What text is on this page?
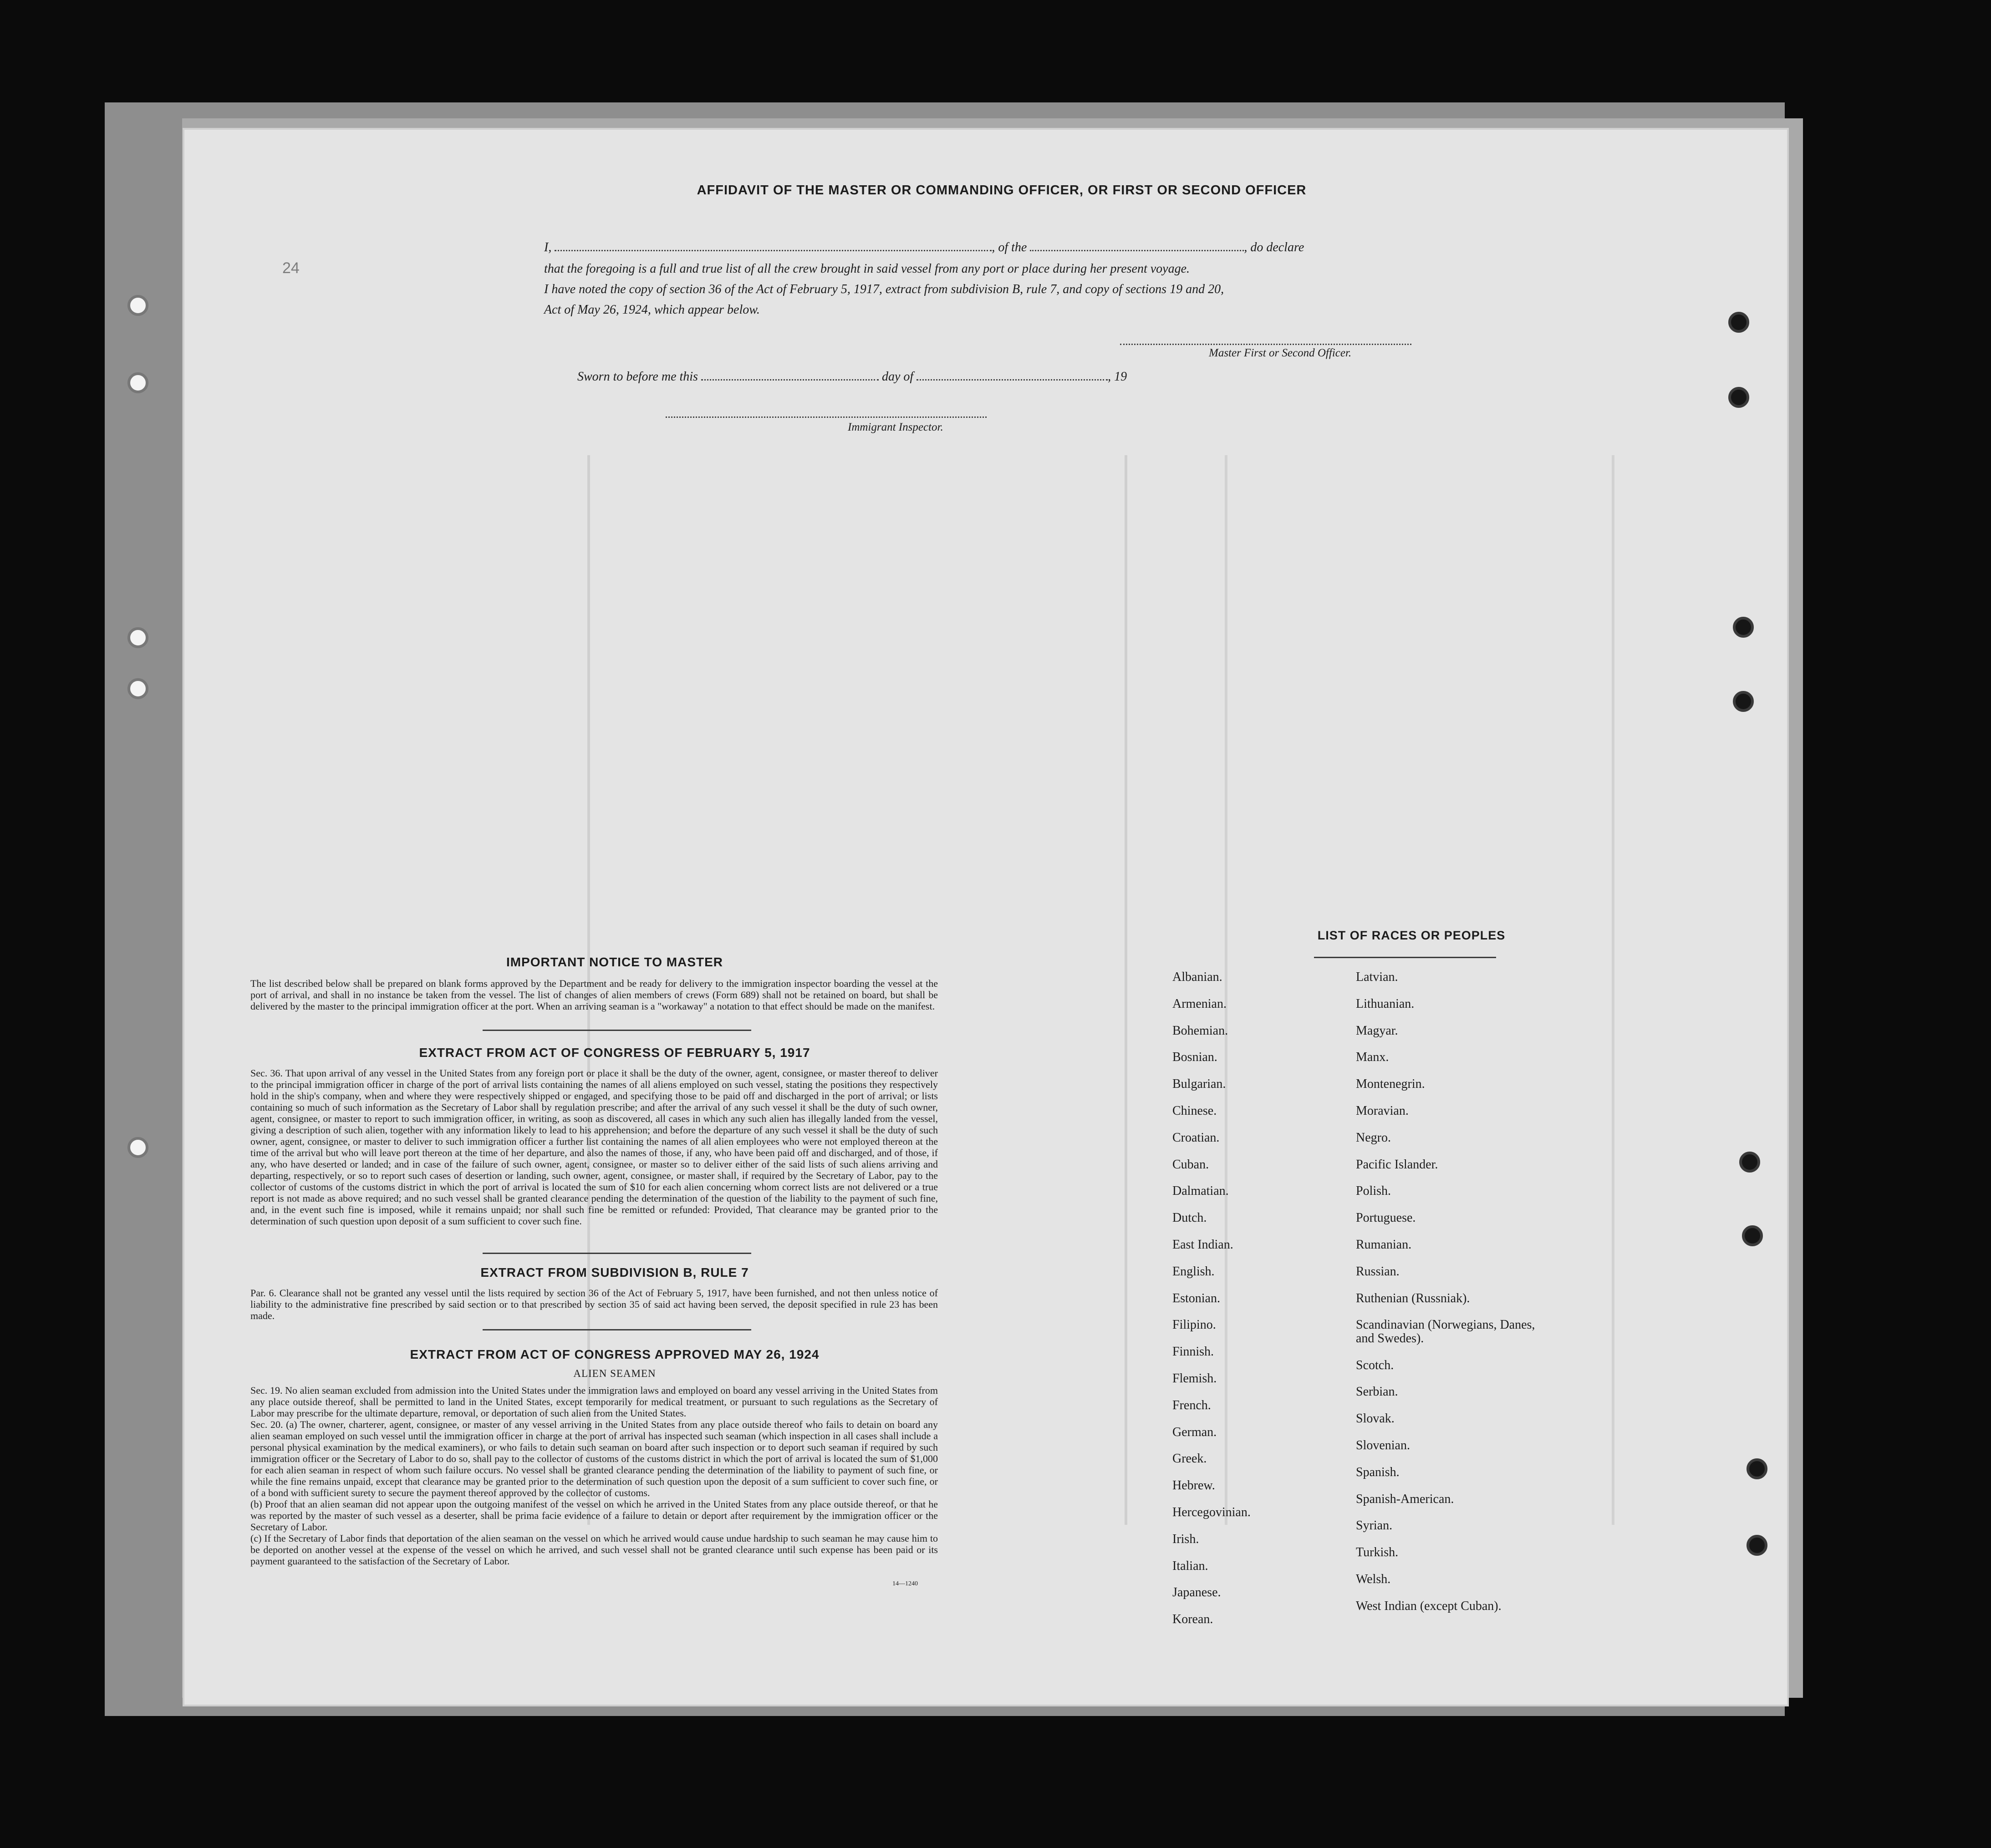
AFFIDAVIT OF THE MASTER OR COMMANDING OFFICER, OR FIRST OR SECOND OFFICER
I,	, of the	, do declare
that the foregoing is a full and true list of all the crew brought in said vessel from any port or place during her present voyage.
I have noted the copy of section 36 of the Act of February 5, 1917, extract from subdivision B, rule 7, and copy of sections 19 and 20,
Act of May 26, 1924, which appear below.
Master First or Second Officer.
Sworn to before me this	day of	, 19
Immigrant Inspector.
24
IMPORTANT NOTICE TO MASTER
The list described below shall be prepared on blank forms approved by the Department and be ready for delivery to the immigration inspector boarding the vessel at the port of arrival, and shall in no instance be taken from the vessel. The list of changes of alien members of crews (Form 689) shall not be retained on board, but shall be delivered by the master to the principal immigration officer at the port. When an arriving seaman is a "workaway" a notation to that effect should be made on the manifest.
EXTRACT FROM ACT OF CONGRESS OF FEBRUARY 5, 1917
Sec. 36. That upon arrival of any vessel in the United States from any foreign port or place it shall be the duty of the owner, agent, consignee, or master thereof to deliver to the principal immigration officer in charge of the port of arrival lists containing the names of all aliens employed on such vessel, stating the positions they respectively hold in the ship's company, when and where they were respectively shipped or engaged, and specifying those to be paid off and discharged in the port of arrival; or lists containing so much of such information as the Secretary of Labor shall by regulation prescribe; and after the arrival of any such vessel it shall be the duty of such owner, agent, consignee, or master to report to such immigration officer, in writing, as soon as discovered, all cases in which any such alien has illegally landed from the vessel, giving a description of such alien, together with any information likely to lead to his apprehension; and before the departure of any such vessel it shall be the duty of such owner, agent, consignee, or master to deliver to such immigration officer a further list containing the names of all alien employees who were not employed thereon at the time of the arrival but who will leave port thereon at the time of her departure, and also the names of those, if any, who have been paid off and discharged, and of those, if any, who have deserted or landed; and in case of the failure of such owner, agent, consignee, or master so to deliver either of the said lists of such aliens arriving and departing, respectively, or so to report such cases of desertion or landing, such owner, agent, consignee, or master shall, if required by the Secretary of Labor, pay to the collector of customs of the customs district in which the port of arrival is located the sum of $10 for each alien concerning whom correct lists are not delivered or a true report is not made as above required; and no such vessel shall be granted clearance pending the determination of the question of the liability to the payment of such fine, and, in the event such fine is imposed, while it remains unpaid; nor shall such fine be remitted or refunded: Provided, That clearance may be granted prior to the determination of such question upon deposit of a sum sufficient to cover such fine.
EXTRACT FROM SUBDIVISION B, RULE 7
Par. 6. Clearance shall not be granted any vessel until the lists required by section 36 of the Act of February 5, 1917, have been furnished, and not then unless notice of liability to the administrative fine prescribed by said section or to that prescribed by section 35 of said act having been served, the deposit specified in rule 23 has been made.
EXTRACT FROM ACT OF CONGRESS APPROVED MAY 26, 1924
ALIEN SEAMEN
Sec. 19. No alien seaman excluded from admission into the United States under the immigration laws and employed on board any vessel arriving in the United States from any place outside thereof, shall be permitted to land in the United States, except temporarily for medical treatment, or pursuant to such regulations as the Secretary of Labor may prescribe for the ultimate departure, removal, or deportation of such alien from the United States.
Sec. 20. (a) The owner, charterer, agent, consignee, or master of any vessel arriving in the United States from any place outside thereof who fails to detain on board any alien seaman employed on such vessel until the immigration officer in charge at the port of arrival has inspected such seaman (which inspection in all cases shall include a personal physical examination by the medical examiners), or who fails to detain such seaman on board after such inspection or to deport such seaman if required by such immigration officer or the Secretary of Labor to do so, shall pay to the collector of customs of the customs district in which the port of arrival is located the sum of $1,000 for each alien seaman in respect of whom such failure occurs. No vessel shall be granted clearance pending the determination of the liability to payment of such fine, or while the fine remains unpaid, except that clearance may be granted prior to the determination of such question upon the deposit of a sum sufficient to cover such fine, or of a bond with sufficient surety to secure the payment thereof approved by the collector of customs.
(b) Proof that an alien seaman did not appear upon the outgoing manifest of the vessel on which he arrived in the United States from any place outside thereof, or that he was reported by the master of such vessel as a deserter, shall be prima facie evidence of a failure to detain or deport after requirement by the immigration officer or the Secretary of Labor.
(c) If the Secretary of Labor finds that deportation of the alien seaman on the vessel on which he arrived would cause undue hardship to such seaman he may cause him to be deported on another vessel at the expense of the vessel on which he arrived, and such vessel shall not be granted clearance until such expense has been paid or its payment guaranteed to the satisfaction of the Secretary of Labor.
14—1240
LIST OF RACES OR PEOPLES
Albanian.
Armenian.
Bohemian.
Bosnian.
Bulgarian.
Chinese.
Croatian.
Cuban.
Dalmatian.
Dutch.
East Indian.
English.
Estonian.
Filipino.
Finnish.
Flemish.
French.
German.
Greek.
Hebrew.
Hercegovinian.
Irish.
Italian.
Japanese.
Korean.
Latvian.
Lithuanian.
Magyar.
Manx.
Montenegrin.
Moravian.
Negro.
Pacific Islander.
Polish.
Portuguese.
Rumanian.
Russian.
Ruthenian (Russniak).
Scandinavian (Norwegians, Danes, and Swedes).
Scotch.
Serbian.
Slovak.
Slovenian.
Spanish.
Spanish-American.
Syrian.
Turkish.
Welsh.
West Indian (except Cuban).
